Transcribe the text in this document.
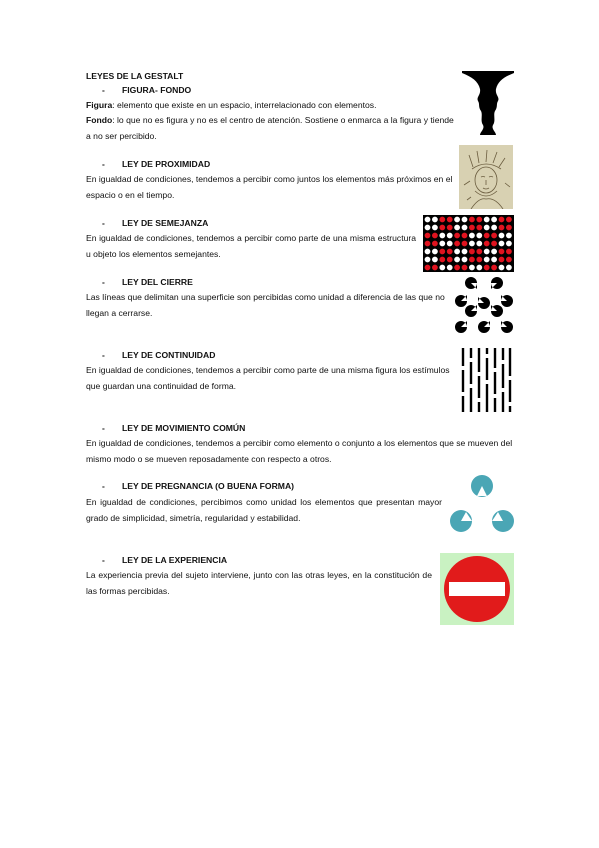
LEYES DE LA GESTALT
- FIGURA- FONDO
Figura: elemento que existe en un espacio, interrelacionado con elementos.
Fondo: lo que no es figura y no es el centro de atención. Sostiene o enmarca a la figura y tiende a no ser percibido.
- LEY DE PROXIMIDAD
En igualdad de condiciones, tendemos a percibir como juntos los elementos más próximos en el espacio o en el tiempo.
- LEY DE SEMEJANZA
En igualdad de condiciones, tendemos a percibir como parte de una misma estructura u objeto los elementos semejantes.
- LEY DEL CIERRE
Las líneas que delimitan una superficie son percibidas como unidad a diferencia de las que no llegan a cerrarse.
- LEY DE CONTINUIDAD
En igualdad de condiciones, tendemos a percibir como parte de una misma figura los estímulos que guardan una continuidad de forma.
- LEY DE MOVIMIENTO COMÚN
En igualdad de condiciones, tendemos a percibir como elemento o conjunto a los elementos que se mueven del mismo modo o se mueven reposadamente con respecto a otros.
- LEY DE PREGNANCIA (O BUENA FORMA)
En igualdad de condiciones, percibimos como unidad los elementos que presentan mayor grado de simplicidad, simetría, regularidad y estabilidad.
- LEY DE LA EXPERIENCIA
La experiencia previa del sujeto interviene, junto con las otras leyes, en la constitución de las formas percibidas.
